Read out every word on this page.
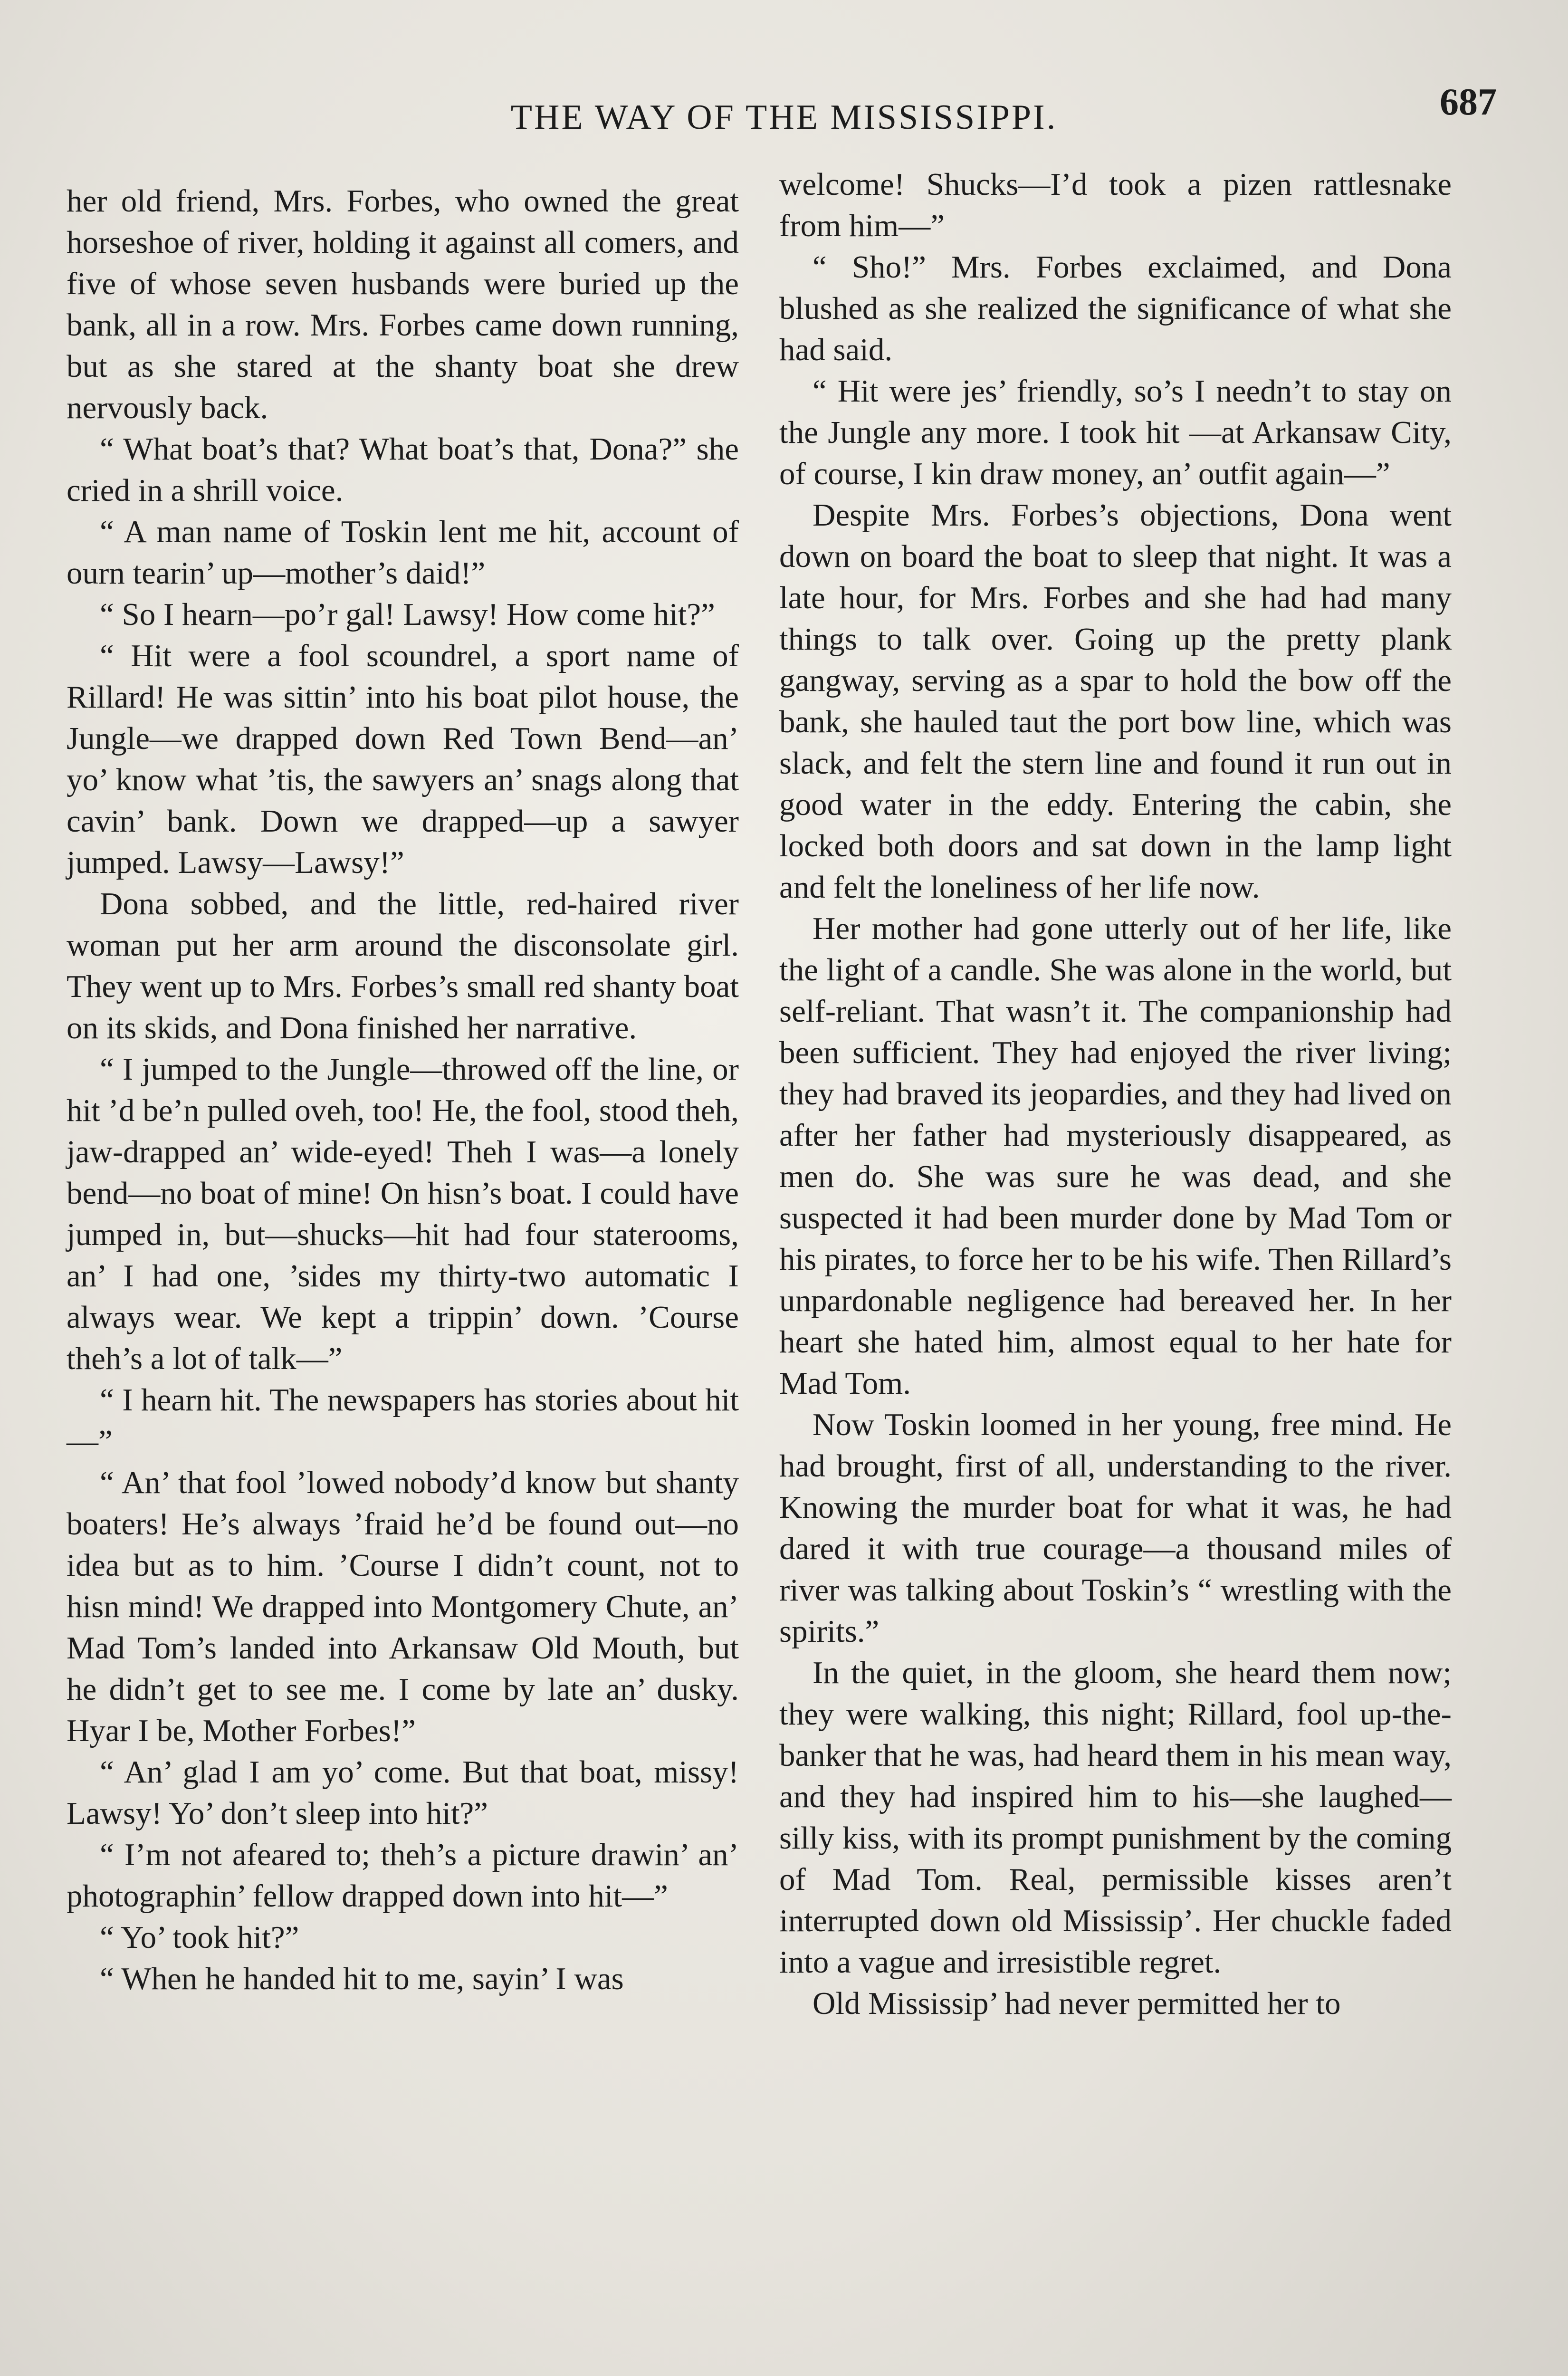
THE WAY OF THE MISSISSIPPI.	687

her old friend, Mrs. Forbes, who owned the great horseshoe of river, holding it against all comers, and five of whose seven husbands were buried up the bank, all in a row. Mrs. Forbes came down running, but as she stared at the shanty boat she drew nervously back.

“ What boat’s that? What boat’s that, Dona?” she cried in a shrill voice.

“ A man name of Toskin lent me hit, account of ourn tearin’ up—mother’s daid!”

“ So I hearn—po’r gal! Lawsy! How come hit?”

“ Hit were a fool scoundrel, a sport name of Rillard! He was sittin’ into his boat pilot house, the Jungle—we drapped down Red Town Bend—an’ yo’ know what ’tis, the sawyers an’ snags along that cavin’ bank. Down we drapped—up a sawyer jumped. Lawsy—Lawsy!”

Dona sobbed, and the little, red-haired river woman put her arm around the disconsolate girl. They went up to Mrs. Forbes’s small red shanty boat on its skids, and Dona finished her narrative.

“ I jumped to the Jungle—throwed off the line, or hit ’d be’n pulled oveh, too! He, the fool, stood theh, jaw-drapped an’ wide-eyed! Theh I was—a lonely bend—no boat of mine! On hisn’s boat. I could have jumped in, but—shucks—hit had four staterooms, an’ I had one, ’sides my thirty-two automatic I always wear. We kept a trippin’ down. ’Course theh’s a lot of talk—”

“ I hearn hit. The newspapers has stories about hit—”

“ An’ that fool ’lowed nobody’d know but shanty boaters! He’s always ’fraid he’d be found out—no idea but as to him. ’Course I didn’t count, not to hisn mind! We drapped into Montgomery Chute, an’ Mad Tom’s landed into Arkansaw Old Mouth, but he didn’t get to see me. I come by late an’ dusky. Hyar I be, Mother Forbes!”

“ An’ glad I am yo’ come. But that boat, missy! Lawsy! Yo’ don’t sleep into hit?”

“ I’m not afeared to; theh’s a picture drawin’ an’ photographin’ fellow drapped down into hit—”

“ Yo’ took hit?”

“ When he handed hit to me, sayin’ I was

welcome! Shucks—I’d took a pizen rattlesnake from him—”

“ Sho!” Mrs. Forbes exclaimed, and Dona blushed as she realized the significance of what she had said.

“ Hit were jes’ friendly, so’s I needn’t to stay on the Jungle any more. I took hit —at Arkansaw City, of course, I kin draw money, an’ outfit again—”

Despite Mrs. Forbes’s objections, Dona went down on board the boat to sleep that night. It was a late hour, for Mrs. Forbes and she had had many things to talk over. Going up the pretty plank gangway, serving as a spar to hold the bow off the bank, she hauled taut the port bow line, which was slack, and felt the stern line and found it run out in good water in the eddy. Entering the cabin, she locked both doors and sat down in the lamp light and felt the loneliness of her life now.

Her mother had gone utterly out of her life, like the light of a candle. She was alone in the world, but self-reliant. That wasn’t it. The companionship had been sufficient. They had enjoyed the river living; they had braved its jeopardies, and they had lived on after her father had mysteriously disappeared, as men do. She was sure he was dead, and she suspected it had been murder done by Mad Tom or his pirates, to force her to be his wife. Then Rillard’s unpardonable negligence had bereaved her. In her heart she hated him, almost equal to her hate for Mad Tom.

Now Toskin loomed in her young, free mind. He had brought, first of all, understanding to the river. Knowing the murder boat for what it was, he had dared it with true courage—a thousand miles of river was talking about Toskin’s “ wrestling with the spirits.”

In the quiet, in the gloom, she heard them now; they were walking, this night; Rillard, fool up-the-banker that he was, had heard them in his mean way, and they had inspired him to his—she laughed—silly kiss, with its prompt punishment by the coming of Mad Tom. Real, permissible kisses aren’t interrupted down old Mississip’. Her chuckle faded into a vague and irresistible regret.

Old Mississip’ had never permitted her to
